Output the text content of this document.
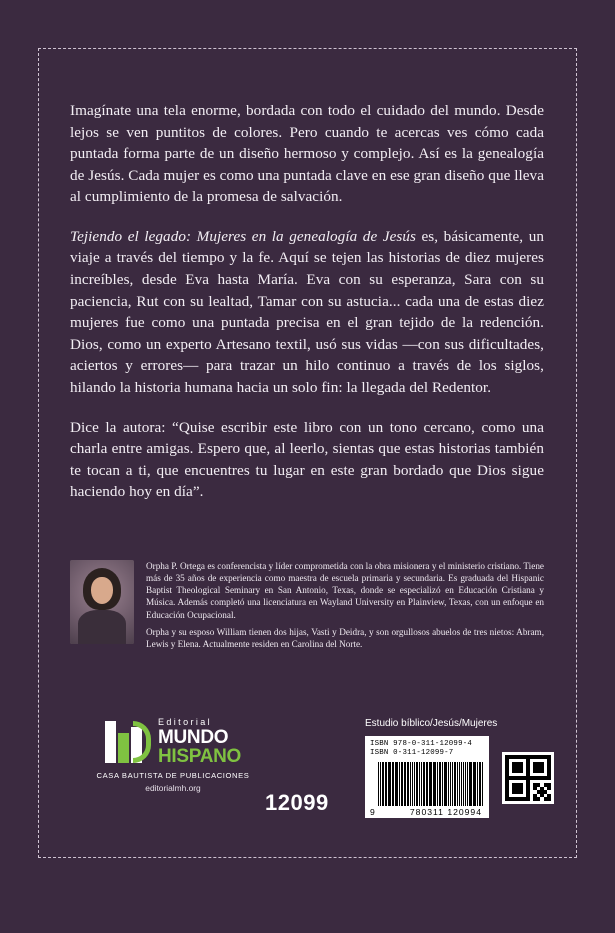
Imagínate una tela enorme, bordada con todo el cuidado del mundo. Desde lejos se ven puntitos de colores. Pero cuando te acercas ves cómo cada puntada forma parte de un diseño hermoso y complejo. Así es la genealogía de Jesús. Cada mujer es como una puntada clave en ese gran diseño que lleva al cumplimiento de la promesa de salvación.

Tejiendo el legado: Mujeres en la genealogía de Jesús es, básicamente, un viaje a través del tiempo y la fe. Aquí se tejen las historias de diez mujeres increíbles, desde Eva hasta María. Eva con su esperanza, Sara con su paciencia, Rut con su lealtad, Tamar con su astucia... cada una de estas diez mujeres fue como una puntada precisa en el gran tejido de la redención. Dios, como un experto Artesano textil, usó sus vidas —con sus dificultades, aciertos y errores— para trazar un hilo continuo a través de los siglos, hilando la historia humana hacia un solo fin: la llegada del Redentor.

Dice la autora: “Quise escribir este libro con un tono cercano, como una charla entre amigas. Espero que, al leerlo, sientas que estas historias también te tocan a ti, que encuentres tu lugar en este gran bordado que Dios sigue haciendo hoy en día”.

Orpha P. Ortega es conferencista y líder comprometida con la obra misionera y el ministerio cristiano. Tiene más de 35 años de experiencia como maestra de escuela primaria y secundaria. Es graduada del Hispanic Baptist Theological Seminary en San Antonio, Texas, donde se especializó en Educación Cristiana y Música. Además completó una licenciatura en Wayland University en Plainview, Texas, con un enfoque en Educación Ocupacional.

Orpha y su esposo William tienen dos hijas, Vasti y Deidra, y son orgullosos abuelos de tres nietos: Abram, Lewis y Elena. Actualmente residen en Carolina del Norte.

Editorial
MUNDO
HISPANO
CASA BAUTISTA DE PUBLICACIONES
editorialmh.org
12099
Estudio bíblico/Jesús/Mujeres
ISBN 978-0-311-12099-4
ISBN 0-311-12099-7
9	780311 120994
